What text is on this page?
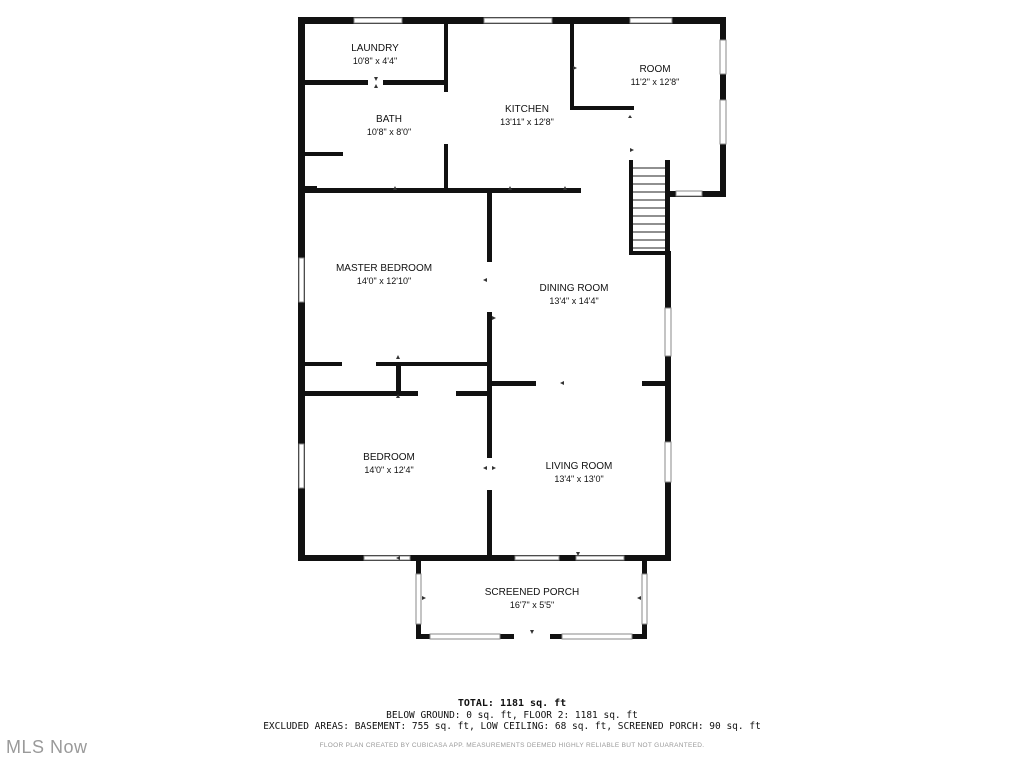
LAUNDRY
10'8" x 4'4"
BATH
10'8" x 8'0"
KITCHEN
13'11" x 12'8"
ROOM
11'2" x 12'8"
MASTER BEDROOM
14'0" x 12'10"
DINING ROOM
13'4" x 14'4"
BEDROOM
14'0" x 12'4"	LIVING ROOM
13'4" x 13'0"
SCREENED PORCH
16'7" x 5'5"
TOTAL: 1181 sq. ft
BELOW GROUND: 0 sq. ft, FLOOR 2: 1181 sq. ft
EXCLUDED AREAS: BASEMENT: 755 sq. ft, LOW CEILING: 68 sq. ft, SCREENED PORCH: 90 sq. ft
FLOOR PLAN CREATED BY CUBICASA APP. MEASUREMENTS DEEMED HIGHLY RELIABLE BUT NOT GUARANTEED.
MLS Now
